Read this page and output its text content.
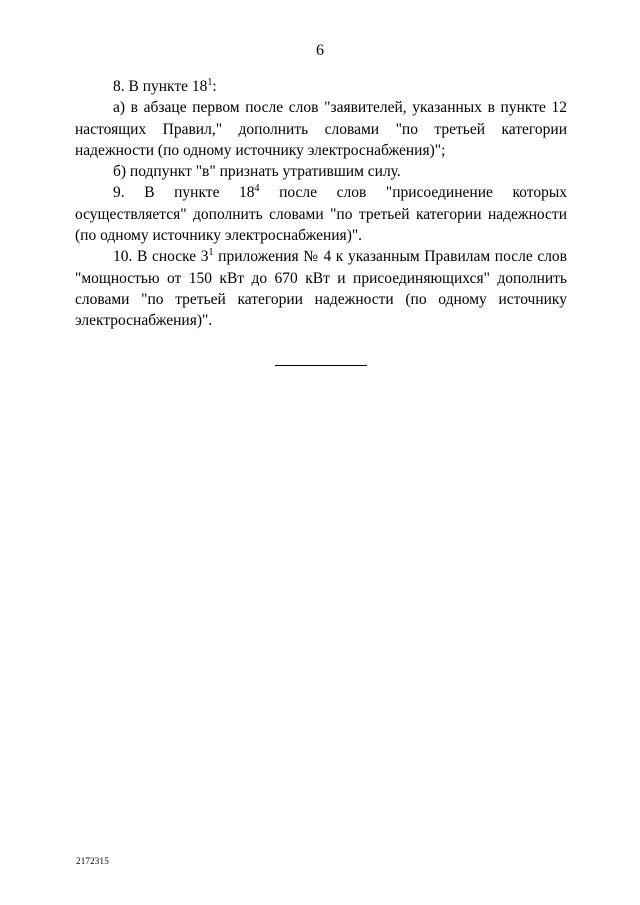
6

8. В пункте $18^1$:

а) в абзаце первом после слов "заявителей, указанных в пункте 12 настоящих Правил," дополнить словами "по третьей категории надежности (по одному источнику электроснабжения)";

б) подпункт "в" признать утратившим силу.

9. В пункте $18^4$ после слов "присоединение которых осуществляется" дополнить словами "по третьей категории надежности (по одному источнику электроснабжения)".

10. В сноске $3^1$ приложения № 4 к указанным Правилам после слов "мощностью от 150 кВт до 670 кВт и присоединяющихся" дополнить словами "по третьей категории надежности (по одному источнику электроснабжения)".

2172315
